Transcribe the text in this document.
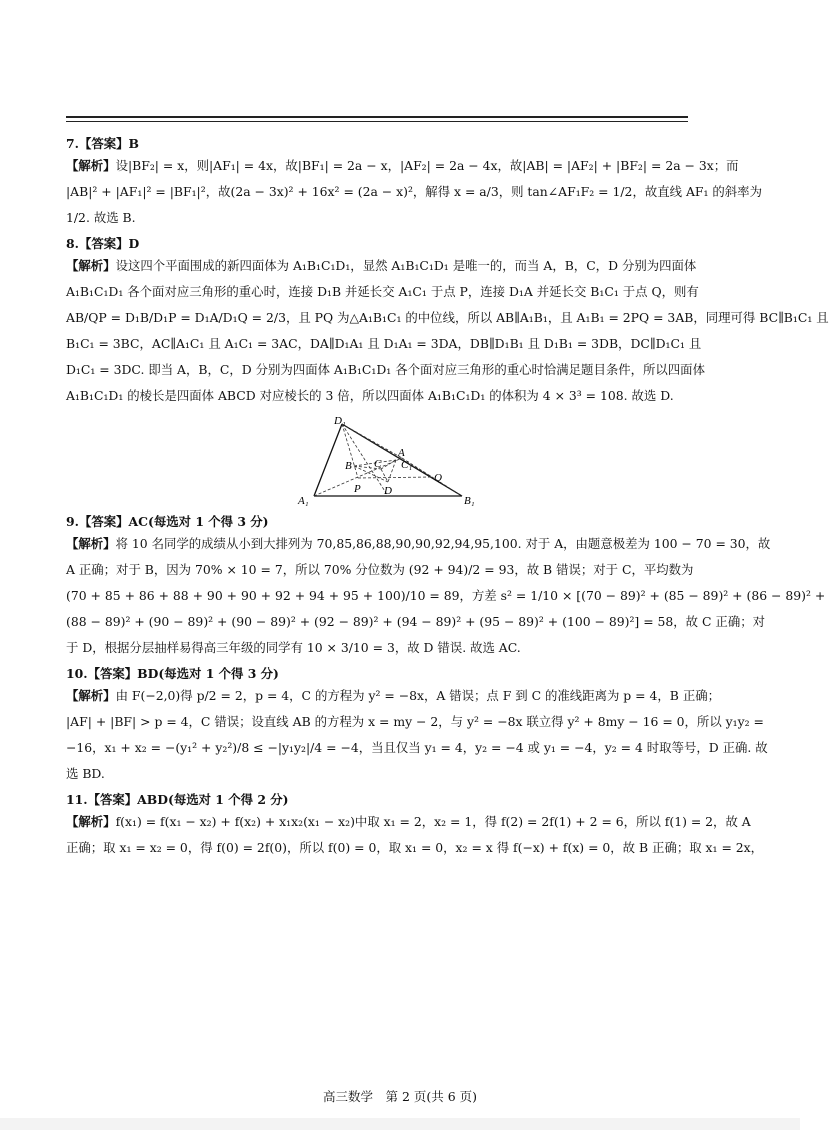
7.【答案】B
【解析】设|BF₂| = x，则|AF₁| = 4x，故|BF₁| = 2a − x，|AF₂| = 2a − 4x，故|AB| = |AF₂| + |BF₂| = 2a − 3x；而
|AB|² + |AF₁|² = |BF₁|²，故(2a − 3x)² + 16x² = (2a − x)²，解得 x = a/3，则 tan∠AF₁F₂ = 1/2，故直线 AF₁ 的斜率为
1/2. 故选 B.
8.【答案】D
【解析】设这四个平面围成的新四面体为 A₁B₁C₁D₁，显然 A₁B₁C₁D₁ 是唯一的，而当 A，B，C，D 分别为四面体
A₁B₁C₁D₁ 各个面对应三角形的重心时，连接 D₁B 并延长交 A₁C₁ 于点 P，连接 D₁A 并延长交 B₁C₁ 于点 Q，则有
AB/QP = D₁B/D₁P = D₁A/D₁Q = 2/3，且 PQ 为△A₁B₁C₁ 的中位线，所以 AB∥A₁B₁，且 A₁B₁ = 2PQ = 3AB，同理可得 BC∥B₁C₁ 且
B₁C₁ = 3BC，AC∥A₁C₁ 且 A₁C₁ = 3AC，DA∥D₁A₁ 且 D₁A₁ = 3DA，DB∥D₁B₁ 且 D₁B₁ = 3DB，DC∥D₁C₁ 且
D₁C₁ = 3DC. 即当 A，B，C，D 分别为四面体 A₁B₁C₁D₁ 各个面对应三角形的重心时恰满足题目条件，所以四面体
A₁B₁C₁D₁ 的棱长是四面体 ABCD 对应棱长的 3 倍，所以四面体 A₁B₁C₁D₁ 的体积为 4 × 3³ = 108. 故选 D.
D₁
A
B C C₁
Q
A₁
P D
B₁
9.【答案】AC(每选对 1 个得 3 分)
【解析】将 10 名同学的成绩从小到大排列为 70,85,86,88,90,90,92,94,95,100. 对于 A，由题意极差为 100 − 70 = 30，故
A 正确；对于 B，因为 70% × 10 = 7，所以 70% 分位数为 (92 + 94)/2 = 93，故 B 错误；对于 C，平均数为
(70 + 85 + 86 + 88 + 90 + 90 + 92 + 94 + 95 + 100)/10 = 89，方差 s² = 1/10 × [(70 − 89)² + (85 − 89)² + (86 − 89)² +
(88 − 89)² + (90 − 89)² + (90 − 89)² + (92 − 89)² + (94 − 89)² + (95 − 89)² + (100 − 89)²] = 58，故 C 正确；对
于 D，根据分层抽样易得高三年级的同学有 10 × 3/10 = 3，故 D 错误. 故选 AC.
10.【答案】BD(每选对 1 个得 3 分)
【解析】由 F(−2,0)得 p/2 = 2，p = 4，C 的方程为 y² = −8x，A 错误；点 F 到 C 的准线距离为 p = 4，B 正确；
|AF| + |BF| > p = 4，C 错误；设直线 AB 的方程为 x = my − 2，与 y² = −8x 联立得 y² + 8my − 16 = 0，所以 y₁y₂ =
−16，x₁ + x₂ = −(y₁² + y₂²)/8 ≤ −|y₁y₂|/4 = −4，当且仅当 y₁ = 4，y₂ = −4 或 y₁ = −4，y₂ = 4 时取等号，D 正确. 故
选 BD.
11.【答案】ABD(每选对 1 个得 2 分)
【解析】f(x₁) = f(x₁ − x₂) + f(x₂) + x₁x₂(x₁ − x₂)中取 x₁ = 2，x₂ = 1，得 f(2) = 2f(1) + 2 = 6，所以 f(1) = 2，故 A
正确；取 x₁ = x₂ = 0，得 f(0) = 2f(0)，所以 f(0) = 0，取 x₁ = 0，x₂ = x 得 f(−x) + f(x) = 0，故 B 正确；取 x₁ = 2x，
高三数学　第 2 页(共 6 页)
